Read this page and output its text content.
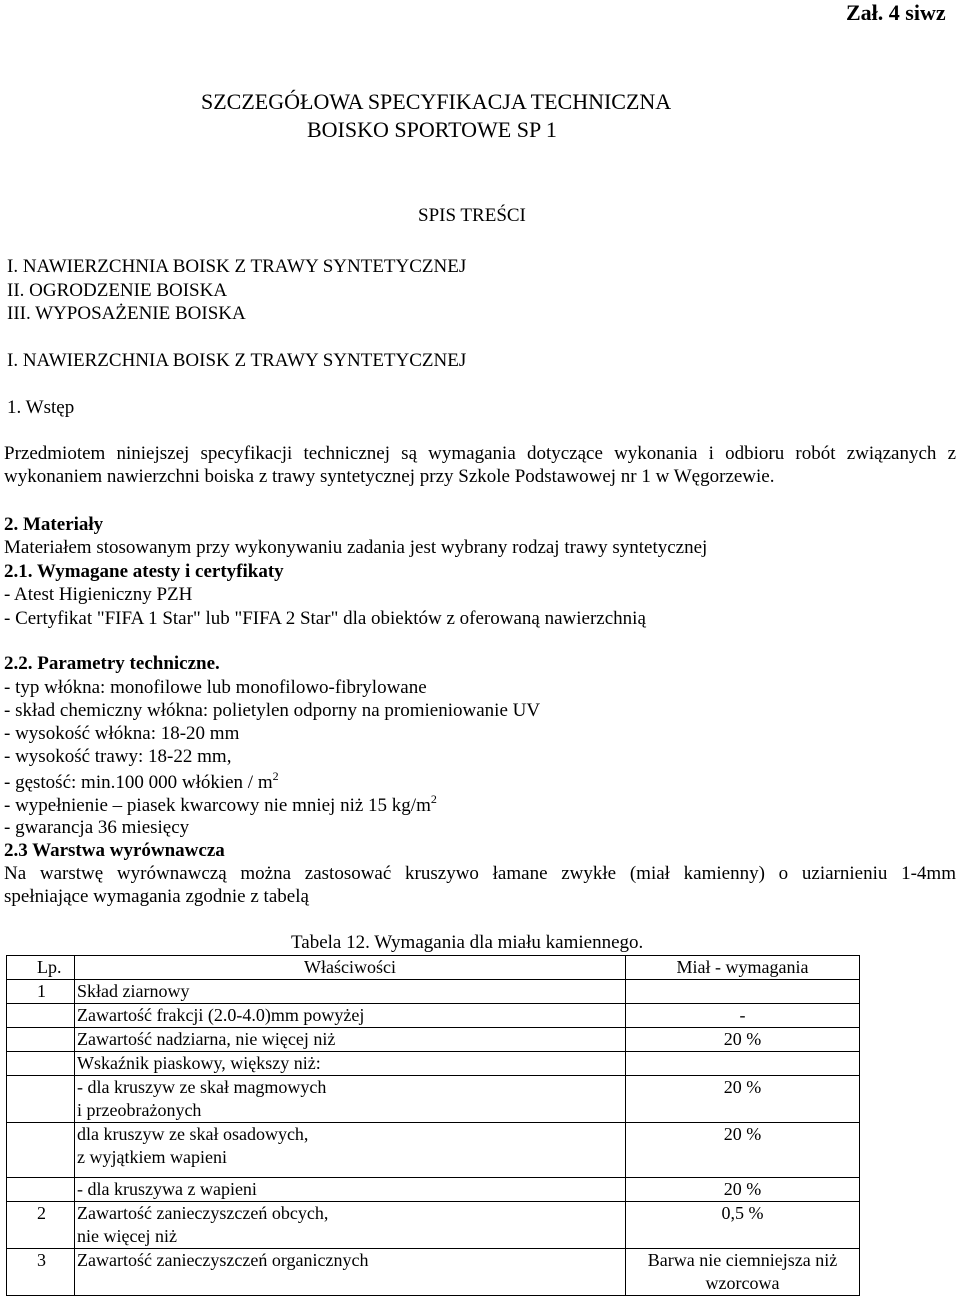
Zał. 4 siwz
SZCZEGÓŁOWA SPECYFIKACJA TECHNICZNA
BOISKO SPORTOWE SP 1
SPIS TREŚCI
I. NAWIERZCHNIA BOISK Z TRAWY SYNTETYCZNEJ
II. OGRODZENIE BOISKA
III. WYPOSAŻENIE BOISKA
I. NAWIERZCHNIA BOISK Z TRAWY SYNTETYCZNEJ
1. Wstęp
Przedmiotem niniejszej specyfikacji technicznej są wymagania dotyczące wykonania i odbioru robót związanych z
wykonaniem nawierzchni boiska z trawy syntetycznej przy Szkole Podstawowej nr 1 w Węgorzewie.
2. Materiały
Materiałem stosowanym przy wykonywaniu zadania jest wybrany rodzaj trawy syntetycznej
2.1. Wymagane atesty i certyfikaty
- Atest Higieniczny PZH
- Certyfikat "FIFA 1 Star" lub "FIFA 2 Star" dla obiektów z oferowaną nawierzchnią
2.2. Parametry techniczne.
- typ włókna: monofilowe lub monofilowo-fibrylowane
- skład chemiczny włókna: polietylen odporny na promieniowanie UV
- wysokość włókna: 18-20 mm
- wysokość trawy: 18-22 mm,
- gęstość: min.100 000 włókien / $m^2$
- wypełnienie – piasek kwarcowy nie mniej niż 15 $kg/m^2$
- gwarancja 36 miesięcy
2.3 Warstwa wyrównawcza
Na warstwę wyrównawczą można zastosować kruszywo łamane zwykłe (miał kamienny) o uziarnieniu 1-4mm
spełniające wymagania zgodnie z tabelą
Tabela 12. Wymagania dla miału kamiennego.
Lp.	Właściwości	Miał - wymagania
1	Skład ziarnowy	
	Zawartość frakcji (2.0-4.0)mm powyżej	-
	Zawartość nadziarna, nie więcej niż	20 %
	Wskaźnik piaskowy, większy niż:	

	- dla kruszyw ze skał magmowych
i przeobrażonych	20 %

	dla kruszyw ze skał osadowych,
z wyjątkiem wapieni	20 %
	- dla kruszywa z wapieni	20 %
2	Zawartość zanieczyszczeń obcych,
nie więcej niż	0,5 %
3	Zawartość zanieczyszczeń organicznych	Barwa nie ciemniejsza niż
wzorcowa
